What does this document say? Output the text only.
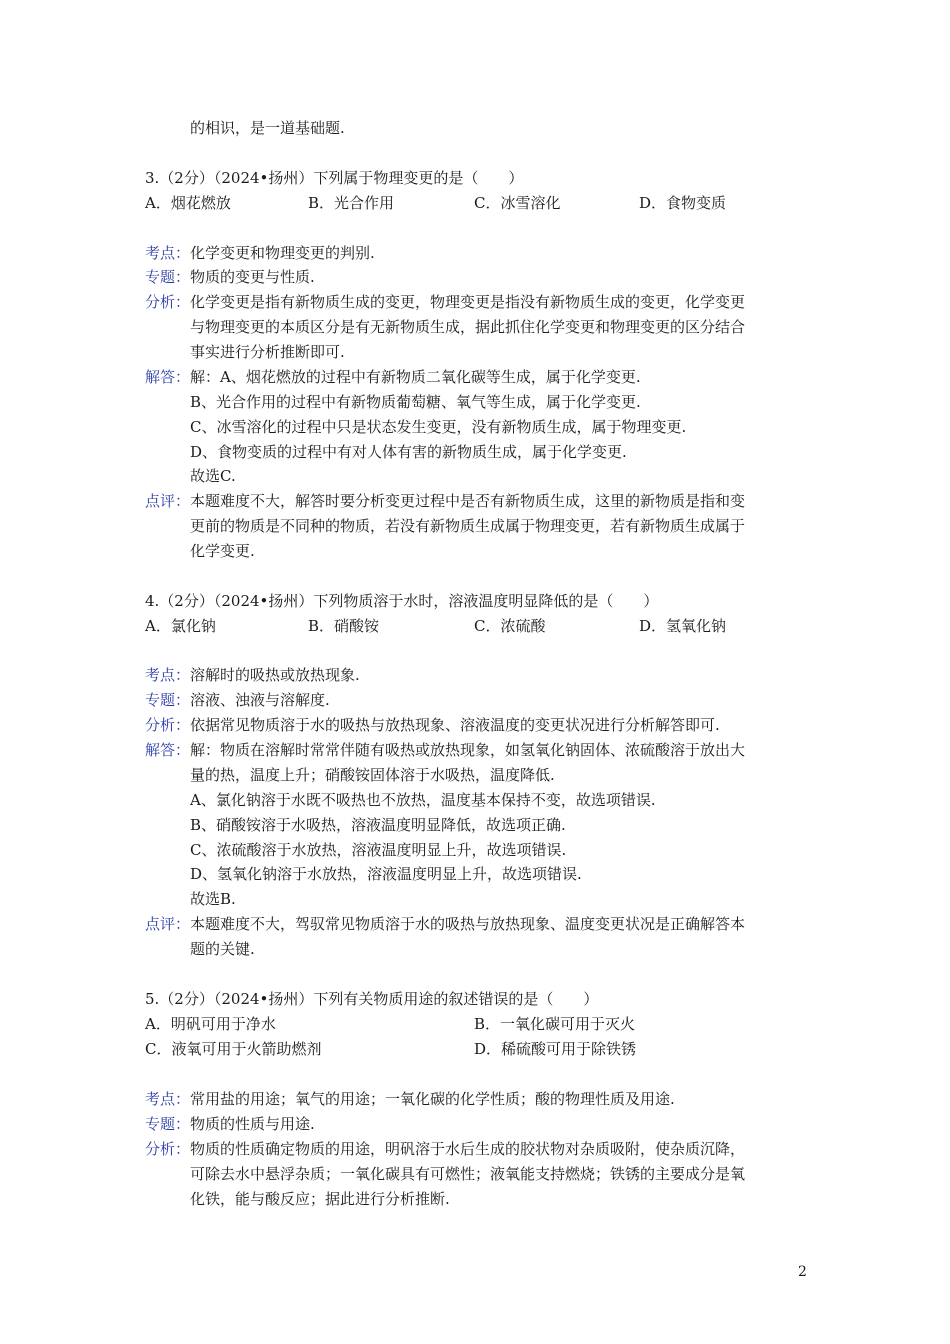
的相识，是一道基础题.
3.（2分）（2024•扬州）下列属于物理变更的是（　　）
A．烟花燃放	B．光合作用	C．冰雪溶化	D．食物变质
考点： 化学变更和物理变更的判别.
专题： 物质的变更与性质.
分析： 化学变更是指有新物质生成的变更，物理变更是指没有新物质生成的变更，化学变更
与物理变更的本质区分是有无新物质生成，据此抓住化学变更和物理变更的区分结合
事实进行分析推断即可.
解答： 解：A、烟花燃放的过程中有新物质二氧化碳等生成，属于化学变更.
B、光合作用的过程中有新物质葡萄糖、氧气等生成，属于化学变更.
C、冰雪溶化的过程中只是状态发生变更，没有新物质生成，属于物理变更.
D、食物变质的过程中有对人体有害的新物质生成，属于化学变更.
故选C.
点评： 本题难度不大，解答时要分析变更过程中是否有新物质生成，这里的新物质是指和变
更前的物质是不同种的物质，若没有新物质生成属于物理变更，若有新物质生成属于
化学变更.
4.（2分）（2024•扬州）下列物质溶于水时，溶液温度明显降低的是（　　）
A．氯化钠	B．硝酸铵	C．浓硫酸	D．氢氧化钠
考点： 溶解时的吸热或放热现象.
专题： 溶液、浊液与溶解度.
分析： 依据常见物质溶于水的吸热与放热现象、溶液温度的变更状况进行分析解答即可.
解答： 解：物质在溶解时常常伴随有吸热或放热现象，如氢氧化钠固体、浓硫酸溶于放出大
量的热，温度上升；硝酸铵固体溶于水吸热，温度降低.
A、氯化钠溶于水既不吸热也不放热，温度基本保持不变，故选项错误.
B、硝酸铵溶于水吸热，溶液温度明显降低，故选项正确.
C、浓硫酸溶于水放热，溶液温度明显上升，故选项错误.
D、氢氧化钠溶于水放热，溶液温度明显上升，故选项错误.
故选B.
点评： 本题难度不大，驾驭常见物质溶于水的吸热与放热现象、温度变更状况是正确解答本
题的关键.
5.（2分）（2024•扬州）下列有关物质用途的叙述错误的是（　　）
A．明矾可用于净水	B．一氧化碳可用于灭火
C．液氧可用于火箭助燃剂	D．稀硫酸可用于除铁锈
考点： 常用盐的用途；氧气的用途；一氧化碳的化学性质；酸的物理性质及用途.
专题： 物质的性质与用途.
分析： 物质的性质确定物质的用途，明矾溶于水后生成的胶状物对杂质吸附，使杂质沉降，
可除去水中悬浮杂质；一氧化碳具有可燃性；液氧能支持燃烧；铁锈的主要成分是氧
化铁，能与酸反应；据此进行分析推断.
2
